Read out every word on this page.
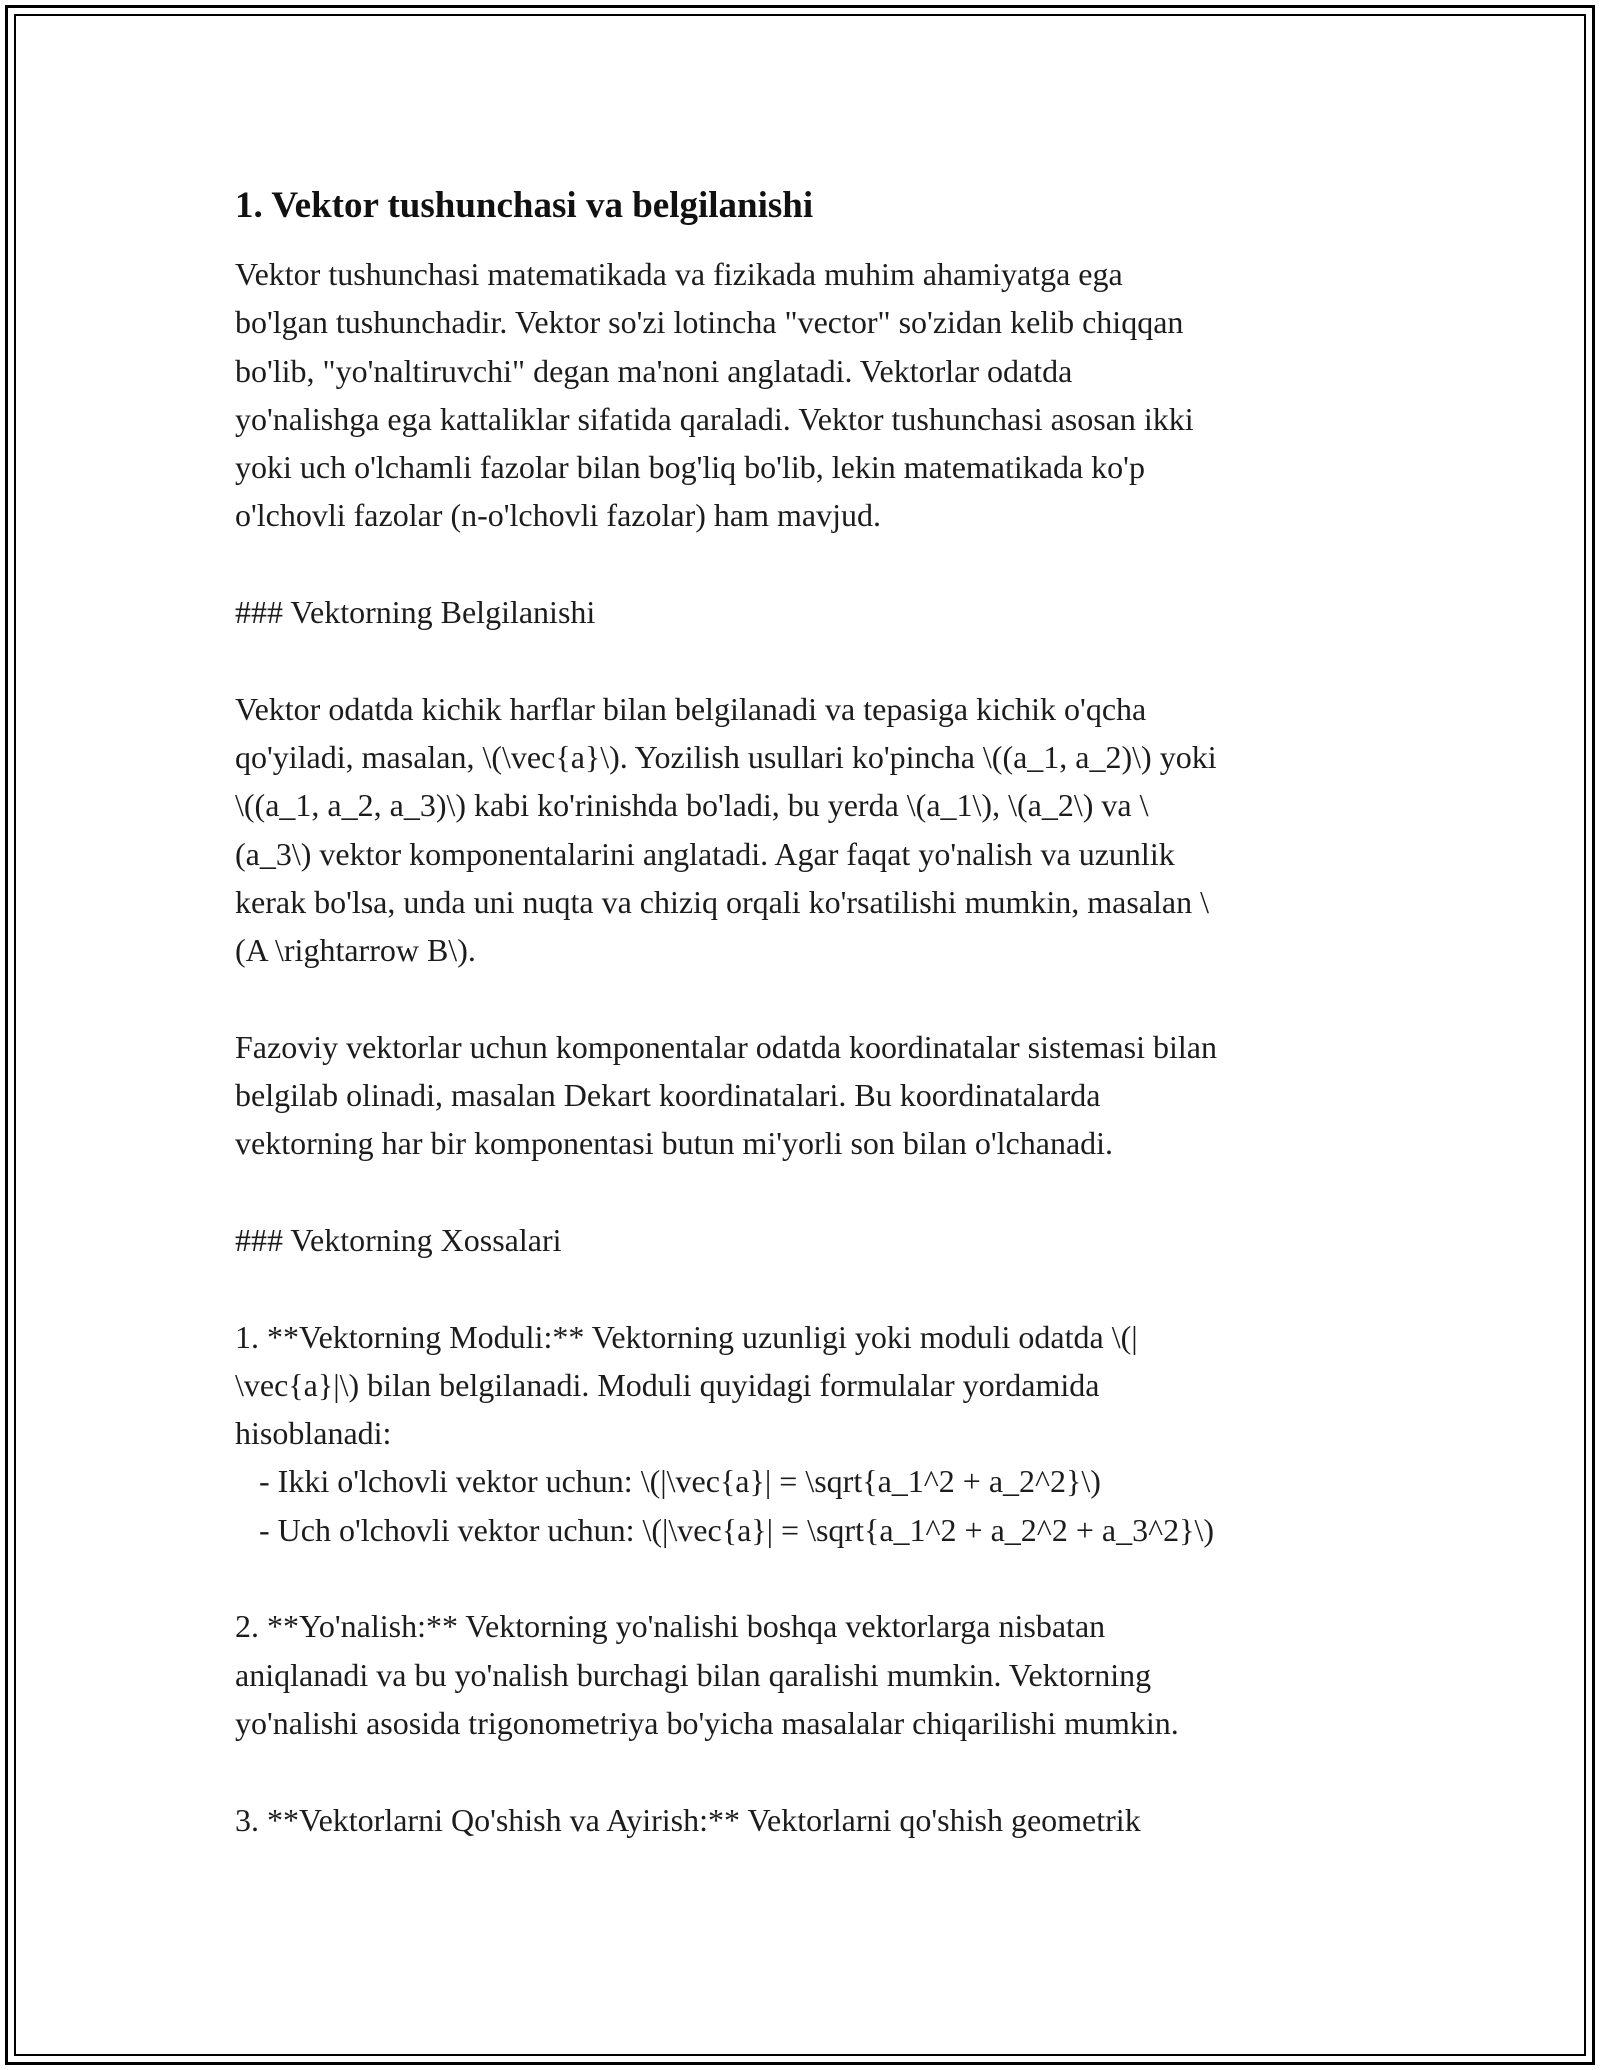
1. Vektor tushunchasi va belgilanishi

Vektor tushunchasi matematikada va fizikada muhim ahamiyatga ega
bo'lgan tushunchadir. Vektor so'zi lotincha "vector" so'zidan kelib chiqqan
bo'lib, "yo'naltiruvchi" degan ma'noni anglatadi. Vektorlar odatda
yo'nalishga ega kattaliklar sifatida qaraladi. Vektor tushunchasi asosan ikki
yoki uch o'lchamli fazolar bilan bog'liq bo'lib, lekin matematikada ko'p
o'lchovli fazolar (n-o'lchovli fazolar) ham mavjud.

### Vektorning Belgilanishi

Vektor odatda kichik harflar bilan belgilanadi va tepasiga kichik o'qcha
qo'yiladi, masalan, \(\vec{a}\). Yozilish usullari ko'pincha \((a_1, a_2)\) yoki
\((a_1, a_2, a_3)\) kabi ko'rinishda bo'ladi, bu yerda \(a_1\), \(a_2\) va \
(a_3\) vektor komponentalarini anglatadi. Agar faqat yo'nalish va uzunlik
kerak bo'lsa, unda uni nuqta va chiziq orqali ko'rsatilishi mumkin, masalan \
(A \rightarrow B\).

Fazoviy vektorlar uchun komponentalar odatda koordinatalar sistemasi bilan
belgilab olinadi, masalan Dekart koordinatalari. Bu koordinatalarda
vektorning har bir komponentasi butun mi'yorli son bilan o'lchanadi.

### Vektorning Xossalari

1. **Vektorning Moduli:** Vektorning uzunligi yoki moduli odatda \(|
\vec{a}|\) bilan belgilanadi. Moduli quyidagi formulalar yordamida
hisoblanadi:
- Ikki o'lchovli vektor uchun: \(|\vec{a}| = \sqrt{a_1^2 + a_2^2}\)
- Uch o'lchovli vektor uchun: \(|\vec{a}| = \sqrt{a_1^2 + a_2^2 + a_3^2}\)

2. **Yo'nalish:** Vektorning yo'nalishi boshqa vektorlarga nisbatan
aniqlanadi va bu yo'nalish burchagi bilan qaralishi mumkin. Vektorning
yo'nalishi asosida trigonometriya bo'yicha masalalar chiqarilishi mumkin.

3. **Vektorlarni Qo'shish va Ayirish:** Vektorlarni qo'shish geometrik
